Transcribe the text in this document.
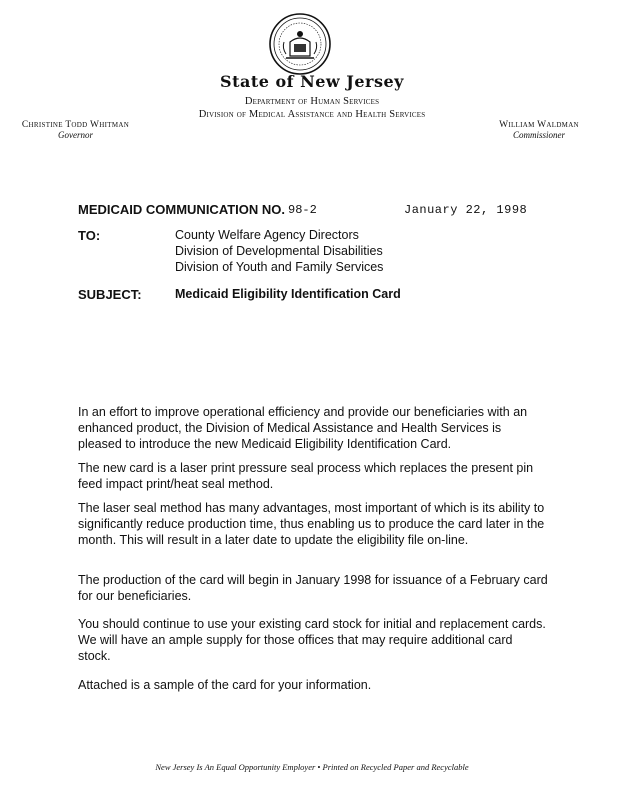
State of New Jersey
Department of Human Services
Division of Medical Assistance and Health Services
Christine Todd Whitman
Governor
William Waldman
Commissioner
MEDICAID COMMUNICATION NO. 98-2	January 22, 1998
TO:	County Welfare Agency Directors
Division of Developmental Disabilities
Division of Youth and Family Services
SUBJECT:	Medicaid Eligibility Identification Card

In an effort to improve operational efficiency and provide our beneficiaries with an enhanced product, the Division of Medical Assistance and Health Services is pleased to introduce the new Medicaid Eligibility Identification Card.

The new card is a laser print pressure seal process which replaces the present pin feed impact print/heat seal method.

The laser seal method has many advantages, most important of which is its ability to significantly reduce production time, thus enabling us to produce the card later in the month. This will result in a later date to update the eligibility file on-line.

The production of the card will begin in January 1998 for issuance of a February card for our beneficiaries.

You should continue to use your existing card stock for initial and replacement cards. We will have an ample supply for those offices that may require additional card stock.

Attached is a sample of the card for your information.

New Jersey Is An Equal Opportunity Employer • Printed on Recycled Paper and Recyclable
